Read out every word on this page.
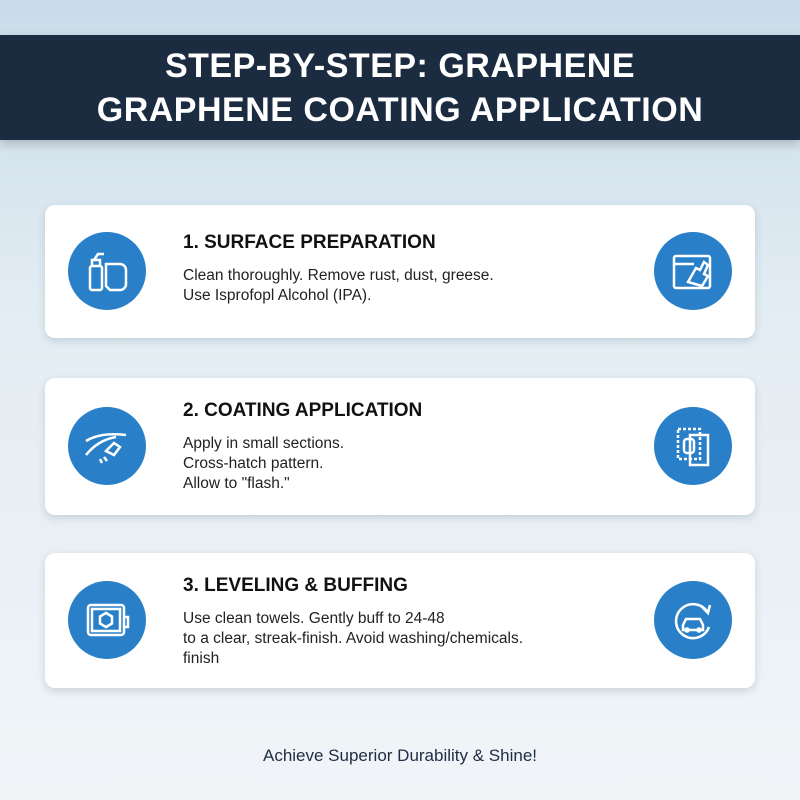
STEP-BY-STEP: GRAPHENE
GRAPHENE COATING APPLICATION
1. SURFACE PREPARATION

Clean thoroughly. Remove rust, dust, greese.

Use Isprofopl Alcohol (IPA).

2. COATING APPLICATION

Apply in small sections.

Cross-hatch pattern.

Allow to "flash."

3. LEVELING & BUFFING

Use clean towels. Gently buff to 24-48

to a clear, streak-finish. Avoid washing/chemicals.

finish

Achieve Superior Durability & Shine!
